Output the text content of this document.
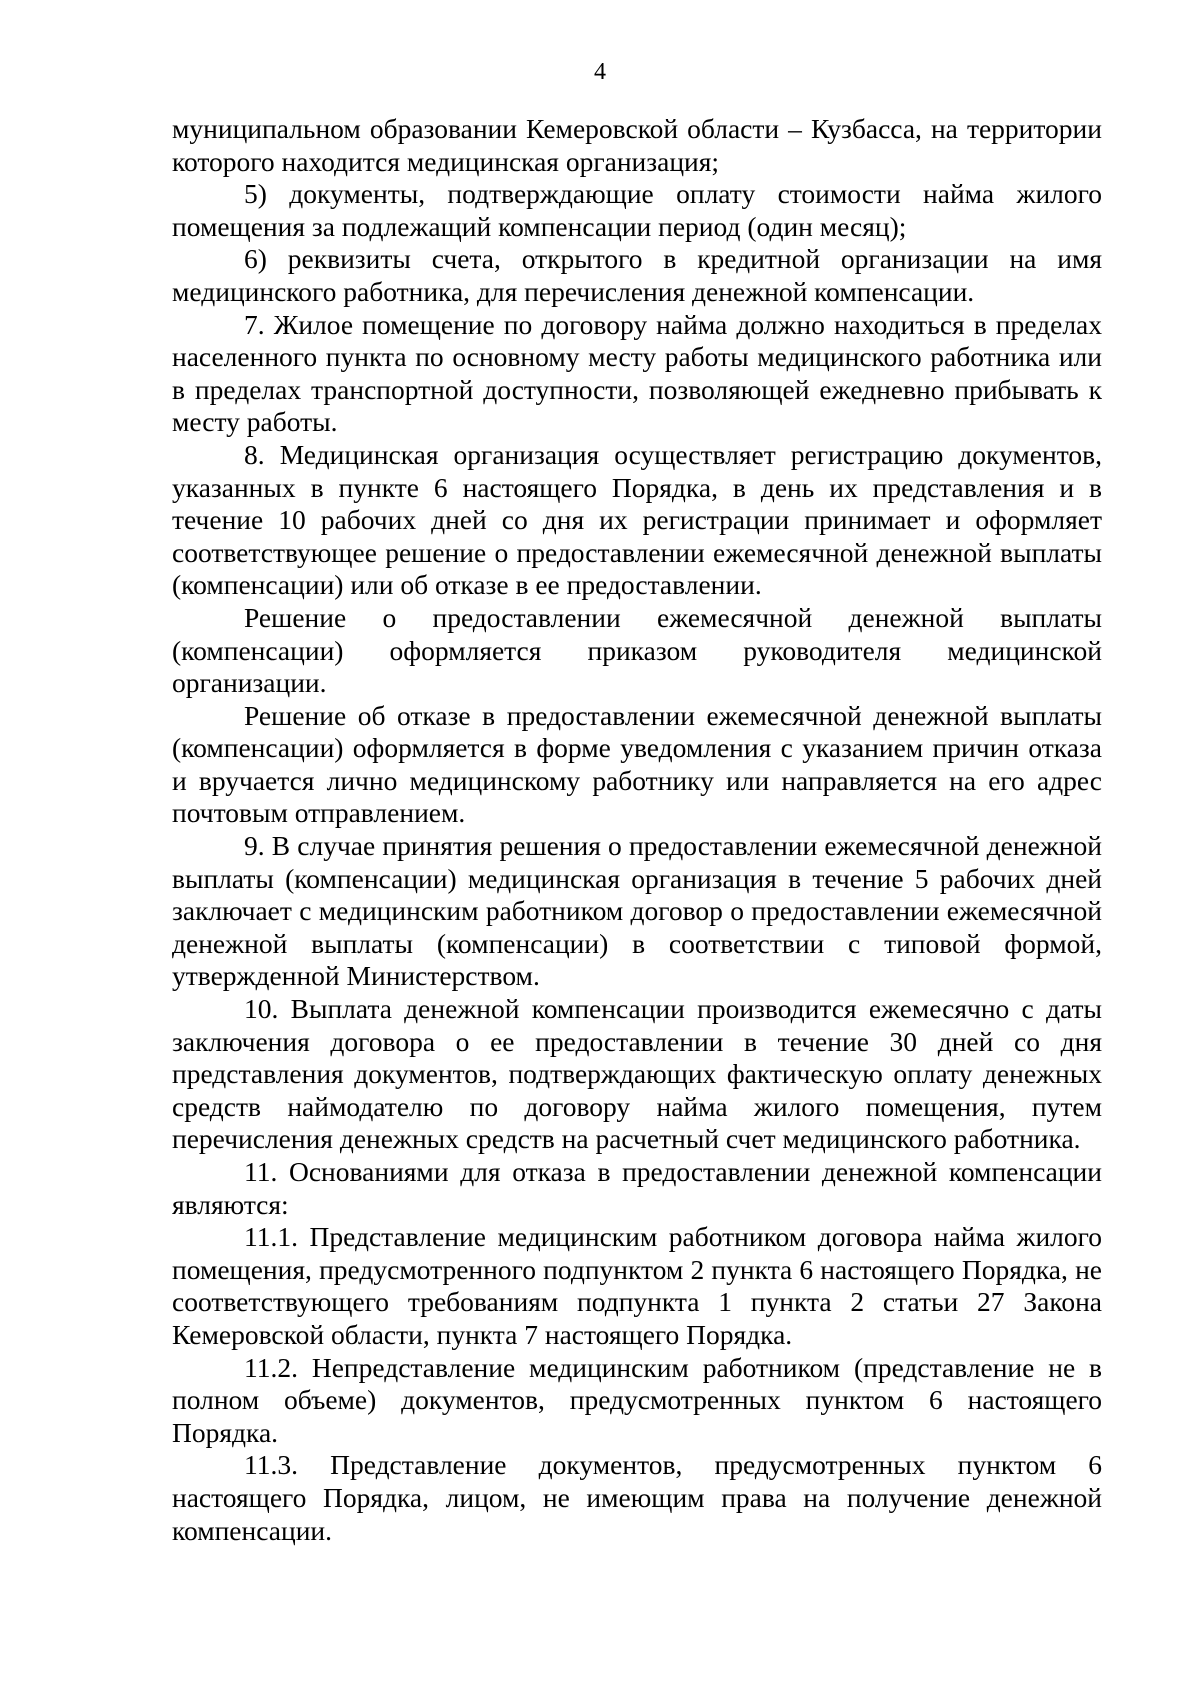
4

муниципальном образовании Кемеровской области – Кузбасса, на территории которого находится медицинская организация;

5) документы, подтверждающие оплату стоимости найма жилого помещения за подлежащий компенсации период (один месяц);

6) реквизиты счета, открытого в кредитной организации на имя медицинского работника, для перечисления денежной компенсации.

7. Жилое помещение по договору найма должно находиться в пределах населенного пункта по основному месту работы медицинского работника или в пределах транспортной доступности, позволяющей ежедневно прибывать к месту работы.

8. Медицинская организация осуществляет регистрацию документов, указанных в пункте 6 настоящего Порядка, в день их представления и в течение 10 рабочих дней со дня их регистрации принимает и оформляет соответствующее решение о предоставлении ежемесячной денежной выплаты (компенсации) или об отказе в ее предоставлении.

Решение о предоставлении ежемесячной денежной выплаты (компенсации) оформляется приказом руководителя медицинской организации.

Решение об отказе в предоставлении ежемесячной денежной выплаты (компенсации) оформляется в форме уведомления с указанием причин отказа и вручается лично медицинскому работнику или направляется на его адрес почтовым отправлением.

9. В случае принятия решения о предоставлении ежемесячной денежной выплаты (компенсации) медицинская организация в течение 5 рабочих дней заключает с медицинским работником договор о предоставлении ежемесячной денежной выплаты (компенсации) в соответствии с типовой формой, утвержденной Министерством.

10. Выплата денежной компенсации производится ежемесячно с даты заключения договора о ее предоставлении в течение 30 дней со дня представления документов, подтверждающих фактическую оплату денежных средств наймодателю по договору найма жилого помещения, путем перечисления денежных средств на расчетный счет медицинского работника.

11. Основаниями для отказа в предоставлении денежной компенсации являются:

11.1. Представление медицинским работником договора найма жилого помещения, предусмотренного подпунктом 2 пункта 6 настоящего Порядка, не соответствующего требованиям подпункта 1 пункта 2 статьи 27 Закона Кемеровской области, пункта 7 настоящего Порядка.

11.2. Непредставление медицинским работником (представление не в полном объеме) документов, предусмотренных пунктом 6 настоящего Порядка.

11.3. Представление документов, предусмотренных пунктом 6 настоящего Порядка, лицом, не имеющим права на получение денежной компенсации.
